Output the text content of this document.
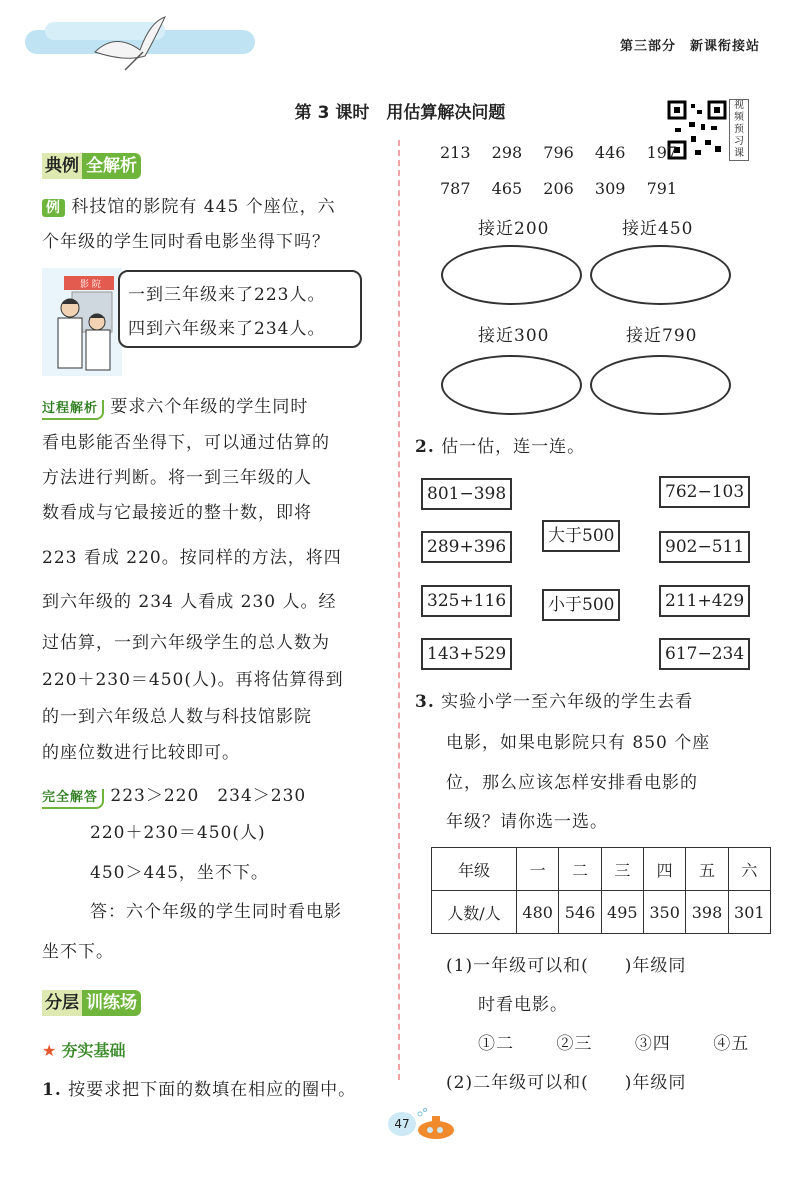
第三部分　新课衔接站
第 3 课时　用估算解决问题	视
频
预
习
课
典例 全解析
例 科技馆的影院有 445 个座位，六
个年级的学生同时看电影坐得下吗？
影 院 一到三年级来了223人。
四到六年级来了234人。
过程解析 要求六个年级的学生同时
看电影能否坐得下，可以通过估算的
方法进行判断。将一到三年级的人
数看成与它最接近的整十数，即将
223 看成 220。按同样的方法，将四
到六年级的 234 人看成 230 人。经
过估算，一到六年级学生的总人数为
220＋230＝450(人)。再将估算得到
的一到六年级总人数与科技馆影院
的座位数进行比较即可。
完全解答 223＞220　234＞230
220＋230＝450(人)
450＞445，坐不下。
答：六个年级的学生同时看电影
坐不下。
分层 训练场
★ 夯实基础
1. 按要求把下面的数填在相应的圈中。
213  298  796  446  197
787  465  206  309  791
接近200	接近450
接近300	接近790
2. 估一估，连一连。
801−398
289+396
325+116
143+529
大于500
小于500
762−103
902−511
211+429
617−234
3. 实验小学一至六年级的学生去看
电影，如果电影院只有 850 个座
位，那么应该怎样安排看电影的
年级？请你选一选。
年级	一	二	三	四	五	六
人数/人	480	546	495	350	398	301
(1)一年级可以和(　　)年级同
时看电影。
①二   ②三   ③四   ④五
(2)二年级可以和(　　)年级同
47
